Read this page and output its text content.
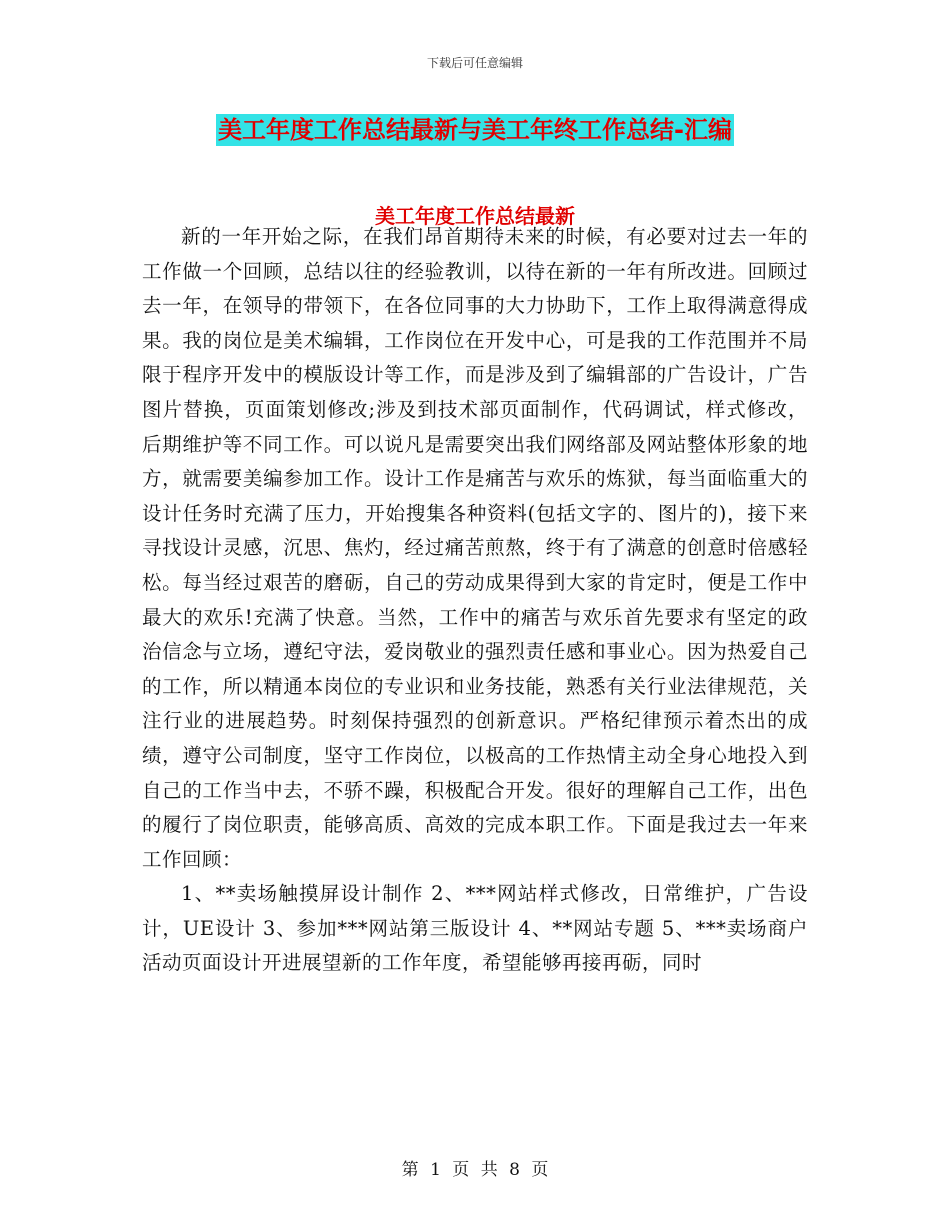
下载后可任意编辑
美工年度工作总结最新与美工年终工作总结-汇编
美工年度工作总结最新

新的一年开始之际，在我们昂首期待未来的时候，有必要对过去一年的工作做一个回顾，总结以往的经验教训，以待在新的一年有所改进。回顾过去一年，在领导的带领下，在各位同事的大力协助下，工作上取得满意得成果。我的岗位是美术编辑，工作岗位在开发中心，可是我的工作范围并不局限于程序开发中的模版设计等工作，而是涉及到了编辑部的广告设计，广告图片替换，页面策划修改;涉及到技术部页面制作，代码调试，样式修改，后期维护等不同工作。可以说凡是需要突出我们网络部及网站整体形象的地方，就需要美编参加工作。设计工作是痛苦与欢乐的炼狱，每当面临重大的设计任务时充满了压力，开始搜集各种资料(包括文字的、图片的)，接下来寻找设计灵感，沉思、焦灼，经过痛苦煎熬，终于有了满意的创意时倍感轻松。每当经过艰苦的磨砺，自己的劳动成果得到大家的肯定时，便是工作中最大的欢乐!充满了快意。当然，工作中的痛苦与欢乐首先要求有坚定的政治信念与立场，遵纪守法，爱岗敬业的强烈责任感和事业心。因为热爱自己的工作，所以精通本岗位的专业识和业务技能，熟悉有关行业法律规范，关注行业的进展趋势。时刻保持强烈的创新意识。严格纪律预示着杰出的成绩，遵守公司制度，坚守工作岗位，以极高的工作热情主动全身心地投入到自己的工作当中去，不骄不躁，积极配合开发。很好的理解自己工作，出色的履行了岗位职责，能够高质、高效的完成本职工作。下面是我过去一年来工作回顾：

1、**卖场触摸屏设计制作 2、***网站样式修改，日常维护，广告设计，UE设计 3、参加***网站第三版设计 4、**网站专题 5、***卖场商户活动页面设计开进展望新的工作年度，希望能够再接再砺，同时

第 1 页 共 8 页
